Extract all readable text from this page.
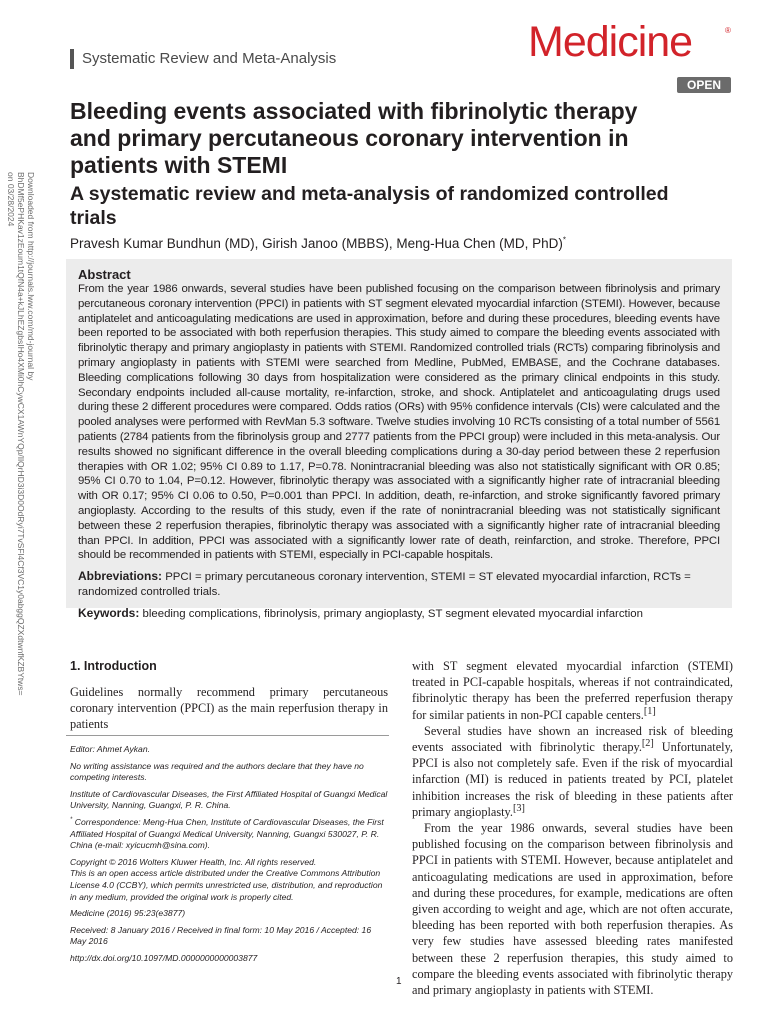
Systematic Review and Meta-Analysis	Medicine	®
OPEN
Downloaded from http://journals.lww.com/md-journal by BhDMf5ePHKav1zEoum1tQfN4a+kJLhEZgbsIHo4XMi0hCywCX1AWnYQp/IlQrHD3i3D0OdRyi7TvSFl4Cf3VC1y0abggQZXdtwnfKZBYtws= on 03/28/2024
Bleeding events associated with fibrinolytic therapy and primary percutaneous coronary intervention in patients with STEMI
A systematic review and meta-analysis of randomized controlled trials
Pravesh Kumar Bundhun (MD), Girish Janoo (MBBS), Meng-Hua Chen (MD, PhD)*
Abstract
From the year 1986 onwards, several studies have been published focusing on the comparison between fibrinolysis and primary percutaneous coronary intervention (PPCI) in patients with ST segment elevated myocardial infarction (STEMI). However, because antiplatelet and anticoagulating medications are used in approximation, before and during these procedures, bleeding events have been reported to be associated with both reperfusion therapies. This study aimed to compare the bleeding events associated with fibrinolytic therapy and primary angioplasty in patients with STEMI. Randomized controlled trials (RCTs) comparing fibrinolysis and primary angioplasty in patients with STEMI were searched from Medline, PubMed, EMBASE, and the Cochrane databases. Bleeding complications following 30 days from hospitalization were considered as the primary clinical endpoints in this study. Secondary endpoints included all-cause mortality, re-infarction, stroke, and shock. Antiplatelet and anticoagulating drugs used during these 2 different procedures were compared. Odds ratios (ORs) with 95% confidence intervals (CIs) were calculated and the pooled analyses were performed with RevMan 5.3 software. Twelve studies involving 10 RCTs consisting of a total number of 5561 patients (2784 patients from the fibrinolysis group and 2777 patients from the PPCI group) were included in this meta-analysis. Our results showed no significant difference in the overall bleeding complications during a 30-day period between these 2 reperfusion therapies with OR 1.02; 95% CI 0.89 to 1.17, P=0.78. Nonintracranial bleeding was also not statistically significant with OR 0.85; 95% CI 0.70 to 1.04, P=0.12. However, fibrinolytic therapy was associated with a significantly higher rate of intracranial bleeding with OR 0.17; 95% CI 0.06 to 0.50, P=0.001 than PPCI. In addition, death, re-infarction, and stroke significantly favored primary angioplasty. According to the results of this study, even if the rate of nonintracranial bleeding was not statistically significant between these 2 reperfusion therapies, fibrinolytic therapy was associated with a significantly higher rate of intracranial bleeding than PPCI. In addition, PPCI was associated with a significantly lower rate of death, reinfarction, and stroke. Therefore, PPCI should be recommended in patients with STEMI, especially in PCI-capable hospitals.
Abbreviations: PPCI = primary percutaneous coronary intervention, STEMI = ST elevated myocardial infarction, RCTs = randomized controlled trials.
Keywords: bleeding complications, fibrinolysis, primary angioplasty, ST segment elevated myocardial infarction
1. Introduction
Guidelines normally recommend primary percutaneous coronary intervention (PPCI) as the main reperfusion therapy in patients

Editor: Ahmet Aykan.

No writing assistance was required and the authors declare that they have no competing interests.

Institute of Cardiovascular Diseases, the First Affiliated Hospital of Guangxi Medical University, Nanning, Guangxi, P. R. China.

* Correspondence: Meng-Hua Chen, Institute of Cardiovascular Diseases, the First Affiliated Hospital of Guangxi Medical University, Nanning, Guangxi 530027, P. R. China (e-mail: xyicucmh@sina.com).

Copyright © 2016 Wolters Kluwer Health, Inc. All rights reserved.

This is an open access article distributed under the Creative Commons Attribution License 4.0 (CCBY), which permits unrestricted use, distribution, and reproduction in any medium, provided the original work is properly cited.

Medicine (2016) 95:23(e3877)

Received: 8 January 2016 / Received in final form: 10 May 2016 / Accepted: 16 May 2016

http://dx.doi.org/10.1097/MD.0000000000003877

with ST segment elevated myocardial infarction (STEMI) treated in PCI-capable hospitals, whereas if not contraindicated, fibrinolytic therapy has been the preferred reperfusion therapy for similar patients in non-PCI capable centers.[1]

Several studies have shown an increased risk of bleeding events associated with fibrinolytic therapy.[2] Unfortunately, PPCI is also not completely safe. Even if the risk of myocardial infarction (MI) is reduced in patients treated by PCI, platelet inhibition increases the risk of bleeding in these patients after primary angioplasty.[3]

From the year 1986 onwards, several studies have been published focusing on the comparison between fibrinolysis and PPCI in patients with STEMI. However, because antiplatelet and anticoagulating medications are used in approximation, before and during these procedures, for example, medications are often given according to weight and age, which are not often accurate, bleeding has been reported with both reperfusion therapies. As very few studies have assessed bleeding rates manifested between these 2 reperfusion therapies, this study aimed to compare the bleeding events associated with fibrinolytic therapy and primary angioplasty in patients with STEMI.

1
